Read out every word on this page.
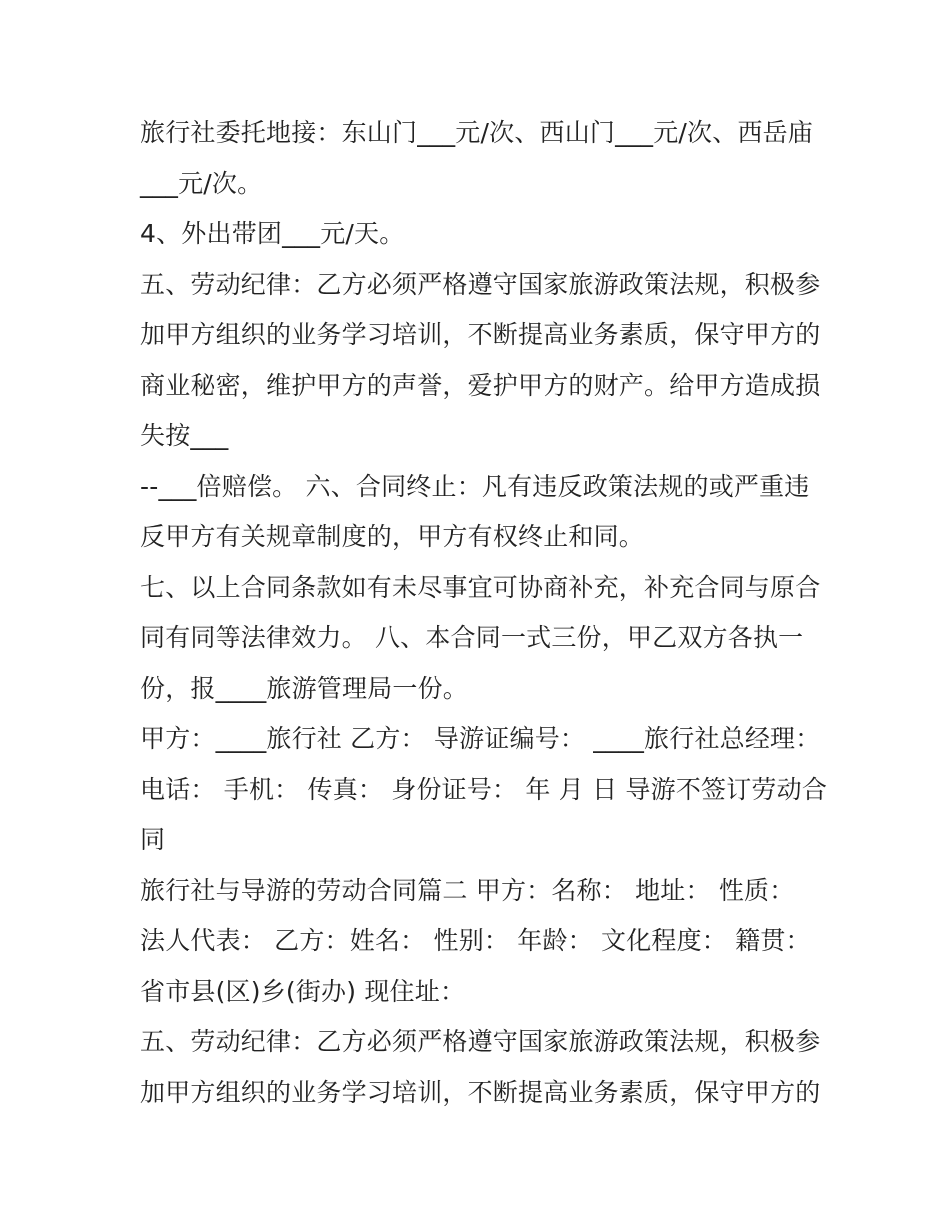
旅行社委托地接：东山门___元/次、西山门___元/次、西岳庙
___元/次。
4、外出带团___元/天。
五、劳动纪律：乙方必须严格遵守国家旅游政策法规，积极参
加甲方组织的业务学习培训，不断提高业务素质，保守甲方的
商业秘密，维护甲方的声誉，爱护甲方的财产。给甲方造成损
失按___
--___倍赔偿。 六、合同终止：凡有违反政策法规的或严重违
反甲方有关规章制度的，甲方有权终止和同。
七、以上合同条款如有未尽事宜可协商补充，补充合同与原合
同有同等法律效力。 八、本合同一式三份，甲乙双方各执一
份，报____旅游管理局一份。
甲方：____旅行社 乙方： 导游证编号： ____旅行社总经理：
电话： 手机： 传真： 身份证号： 年 月 日 导游不签订劳动合
同
旅行社与导游的劳动合同篇二 甲方：名称： 地址： 性质：
法人代表： 乙方：姓名： 性别： 年龄： 文化程度： 籍贯：
省市县(区)乡(街办) 现住址：
五、劳动纪律：乙方必须严格遵守国家旅游政策法规，积极参
加甲方组织的业务学习培训，不断提高业务素质，保守甲方的
